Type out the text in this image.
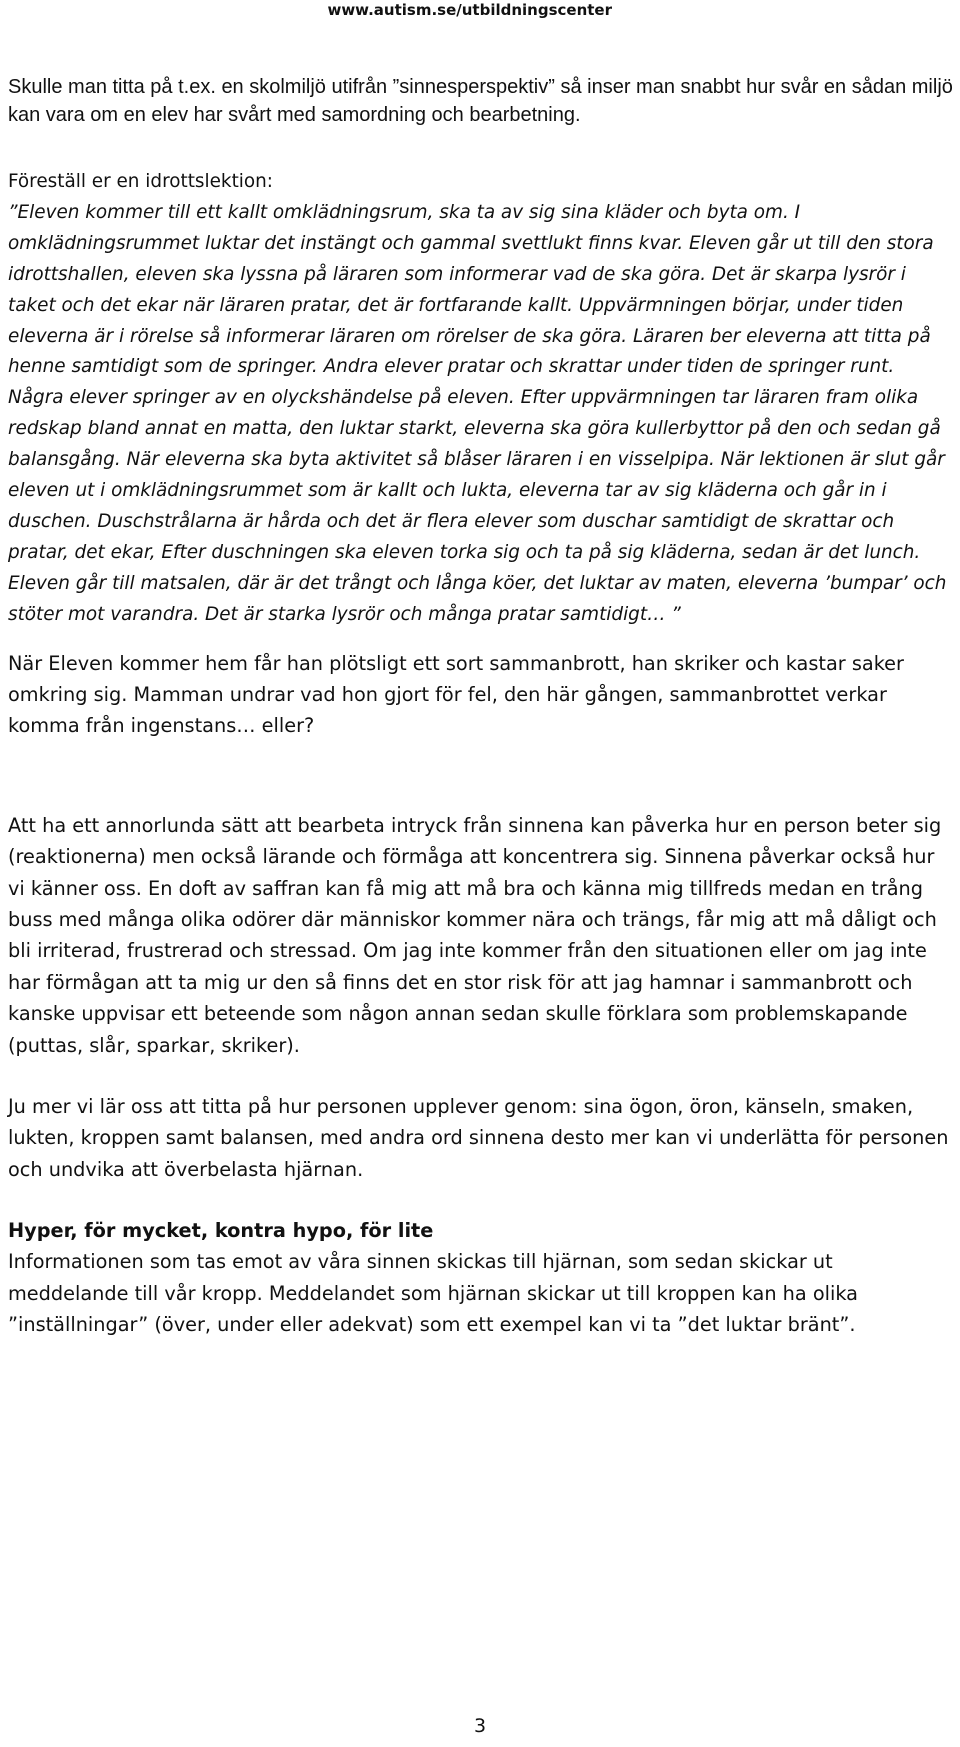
www.autism.se/utbildningscenter

Skulle man titta på t.ex. en skolmiljö utifrån ”sinnesperspektiv” så inser man snabbt hur svår en sådan miljö kan vara om en elev har svårt med samordning och bearbetning.

Föreställ er en idrottslektion:
”Eleven kommer till ett kallt omklädningsrum, ska ta av sig sina kläder och byta om. I omklädningsrummet luktar det instängt och gammal svettlukt finns kvar. Eleven går ut till den stora idrottshallen, eleven ska lyssna på läraren som informerar vad de ska göra. Det är skarpa lysrör i taket och det ekar när läraren pratar, det är fortfarande kallt. Uppvärmningen börjar, under tiden eleverna är i rörelse så informerar läraren om rörelser de ska göra. Läraren ber eleverna att titta på henne samtidigt som de springer. Andra elever pratar och skrattar under tiden de springer runt. Några elever springer av en olyckshändelse på eleven. Efter uppvärmningen tar läraren fram olika redskap bland annat en matta, den luktar starkt, eleverna ska göra kullerbyttor på den och sedan gå balansgång. När eleverna ska byta aktivitet så blåser läraren i en visselpipa. När lektionen är slut går eleven ut i omklädningsrummet som är kallt och lukta, eleverna tar av sig kläderna och går in i duschen. Duschstrålarna är hårda och det är flera elever som duschar samtidigt de skrattar och pratar, det ekar, Efter duschningen ska eleven torka sig och ta på sig kläderna, sedan är det lunch. Eleven går till matsalen, där är det trångt och långa köer, det luktar av maten, eleverna ’bumpar’ och stöter mot varandra. Det är starka lysrör och många pratar samtidigt… ”

När Eleven kommer hem får han plötsligt ett sort sammanbrott, han skriker och kastar saker omkring sig. Mamman undrar vad hon gjort för fel, den här gången, sammanbrottet verkar komma från ingenstans… eller?

Att ha ett annorlunda sätt att bearbeta intryck från sinnena kan påverka hur en person beter sig (reaktionerna) men också lärande och förmåga att koncentrera sig. Sinnena påverkar också hur vi känner oss. En doft av saffran kan få mig att må bra och känna mig tillfreds medan en trång buss med många olika odörer där människor kommer nära och trängs, får mig att må dåligt och bli irriterad, frustrerad och stressad. Om jag inte kommer från den situationen eller om jag inte har förmågan att ta mig ur den så finns det en stor risk för att jag hamnar i sammanbrott och kanske uppvisar ett beteende som någon annan sedan skulle förklara som problemskapande (puttas, slår, sparkar, skriker).

Ju mer vi lär oss att titta på hur personen upplever genom: sina ögon, öron, känseln, smaken, lukten, kroppen samt balansen, med andra ord sinnena desto mer kan vi underlätta för personen och undvika att överbelasta hjärnan.

Hyper, för mycket, kontra hypo, för lite

Informationen som tas emot av våra sinnen skickas till hjärnan, som sedan skickar ut meddelande till vår kropp. Meddelandet som hjärnan skickar ut till kroppen kan ha olika ”inställningar” (över, under eller adekvat) som ett exempel kan vi ta ”det luktar bränt”.

3
